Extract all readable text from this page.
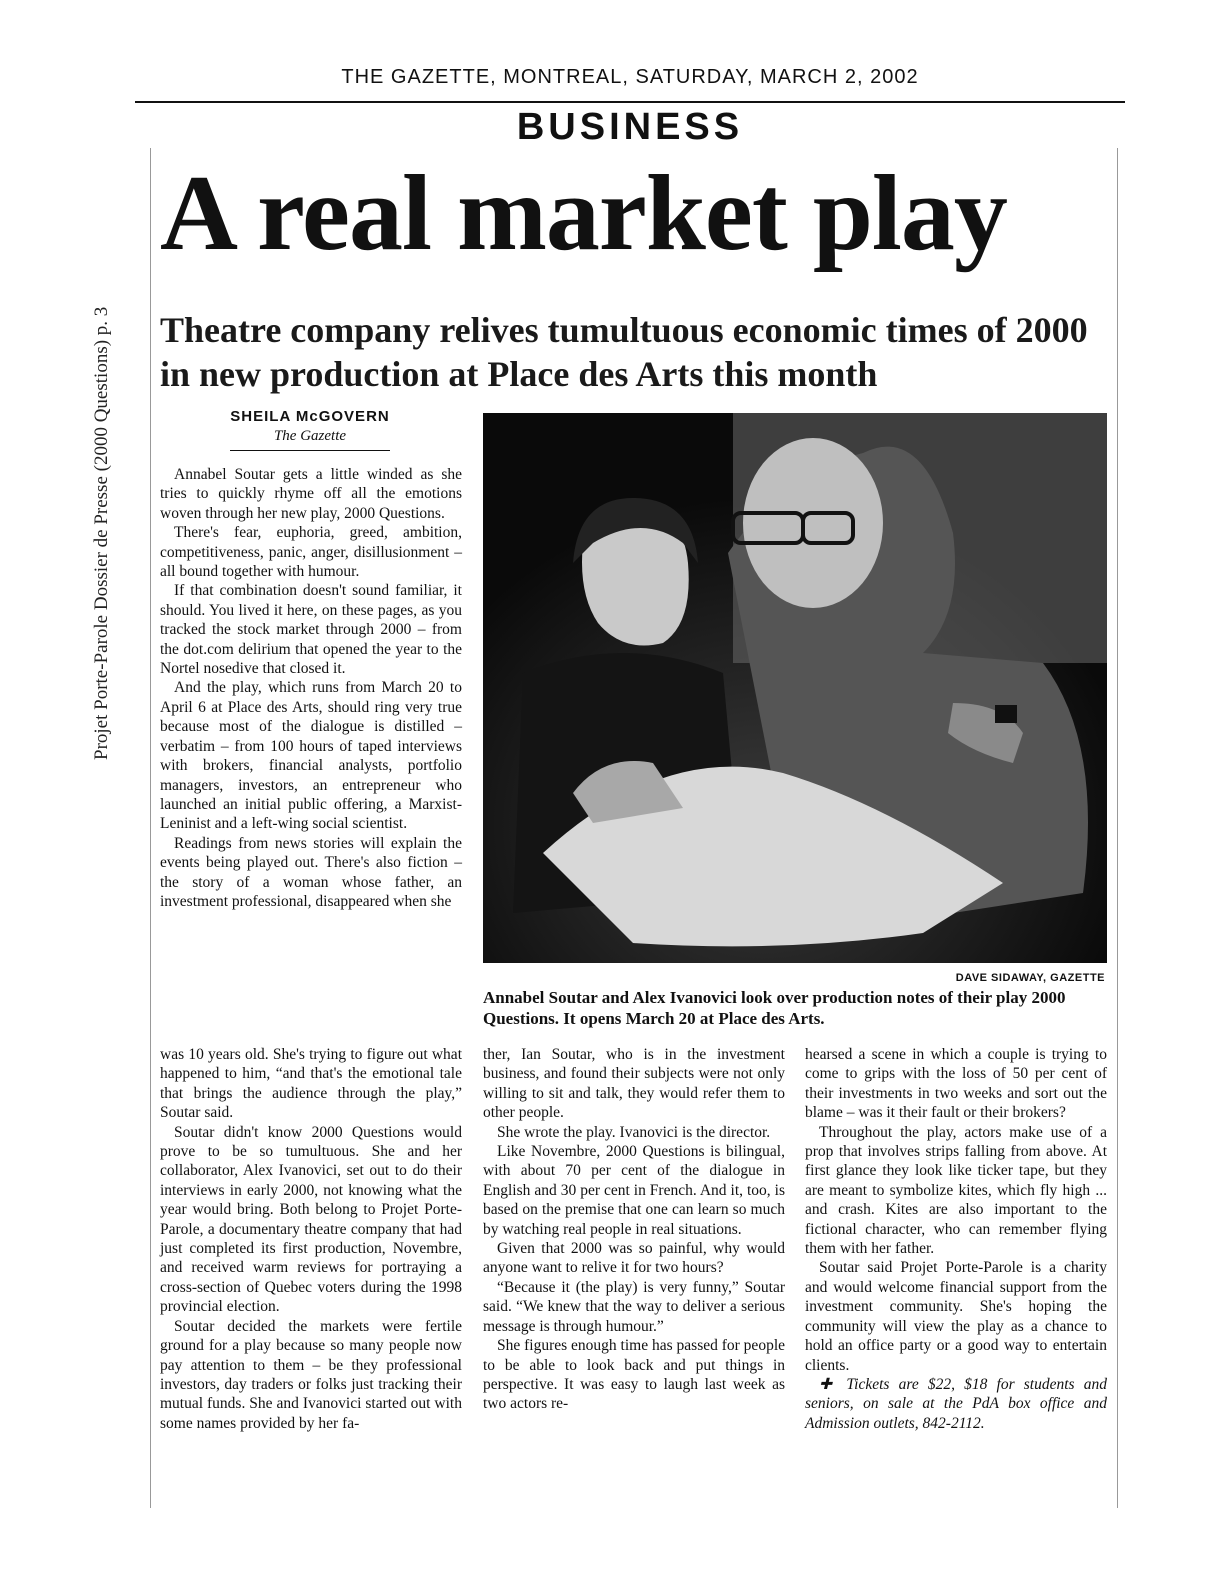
Projet Porte-Parole Dossier de Presse (2000 Questions) p. 3
THE GAZETTE, MONTREAL, SATURDAY, MARCH 2, 2002
BUSINESS
A real market play
Theatre company relives tumultuous economic times of 2000 in new production at Place des Arts this month
SHEILA McGOVERN
The Gazette

Annabel Soutar gets a little winded as she tries to quickly rhyme off all the emotions woven through her new play, 2000 Questions.

There's fear, euphoria, greed, ambition, competitiveness, panic, anger, disillusionment – all bound together with humour.

If that combination doesn't sound familiar, it should. You lived it here, on these pages, as you tracked the stock market through 2000 – from the dot.com delirium that opened the year to the Nortel nosedive that closed it.

And the play, which runs from March 20 to April 6 at Place des Arts, should ring very true because most of the dialogue is distilled – verbatim – from 100 hours of taped interviews with brokers, financial analysts, portfolio managers, investors, an entrepreneur who launched an initial public offering, a Marxist-Leninist and a left-wing social scientist.

Readings from news stories will explain the events being played out. There's also fiction – the story of a woman whose father, an investment professional, disappeared when she

was 10 years old. She's trying to figure out what happened to him, “and that's the emotional tale that brings the audience through the play,” Soutar said.

Soutar didn't know 2000 Questions would prove to be so tumultuous. She and her collaborator, Alex Ivanovici, set out to do their interviews in early 2000, not knowing what the year would bring. Both belong to Projet Porte-Parole, a documentary theatre company that had just completed its first production, Novembre, and received warm reviews for portraying a cross-section of Quebec voters during the 1998 provincial election.

Soutar decided the markets were fertile ground for a play because so many people now pay attention to them – be they professional investors, day traders or folks just tracking their mutual funds. She and Ivanovici started out with some names provided by her fa-

DAVE SIDAWAY, GAZETTE
Annabel Soutar and Alex Ivanovici look over production notes of their play 2000 Questions. It opens March 20 at Place des Arts.

ther, Ian Soutar, who is in the investment business, and found their subjects were not only willing to sit and talk, they would refer them to other people.

She wrote the play. Ivanovici is the director.

Like Novembre, 2000 Questions is bilingual, with about 70 per cent of the dialogue in English and 30 per cent in French. And it, too, is based on the premise that one can learn so much by watching real people in real situations.

Given that 2000 was so painful, why would anyone want to relive it for two hours?

“Because it (the play) is very funny,” Soutar said. “We knew that the way to deliver a serious message is through humour.”

She figures enough time has passed for people to be able to look back and put things in perspective. It was easy to laugh last week as two actors re-

hearsed a scene in which a couple is trying to come to grips with the loss of 50 per cent of their investments in two weeks and sort out the blame – was it their fault or their brokers?

Throughout the play, actors make use of a prop that involves strips falling from above. At first glance they look like ticker tape, but they are meant to symbolize kites, which fly high ... and crash. Kites are also important to the fictional character, who can remember flying them with her father.

Soutar said Projet Porte-Parole is a charity and would welcome financial support from the investment community. She's hoping the community will view the play as a chance to hold an office party or a good way to entertain clients.

✚ Tickets are $22, $18 for students and seniors, on sale at the PdA box office and Admission outlets, 842-2112.
